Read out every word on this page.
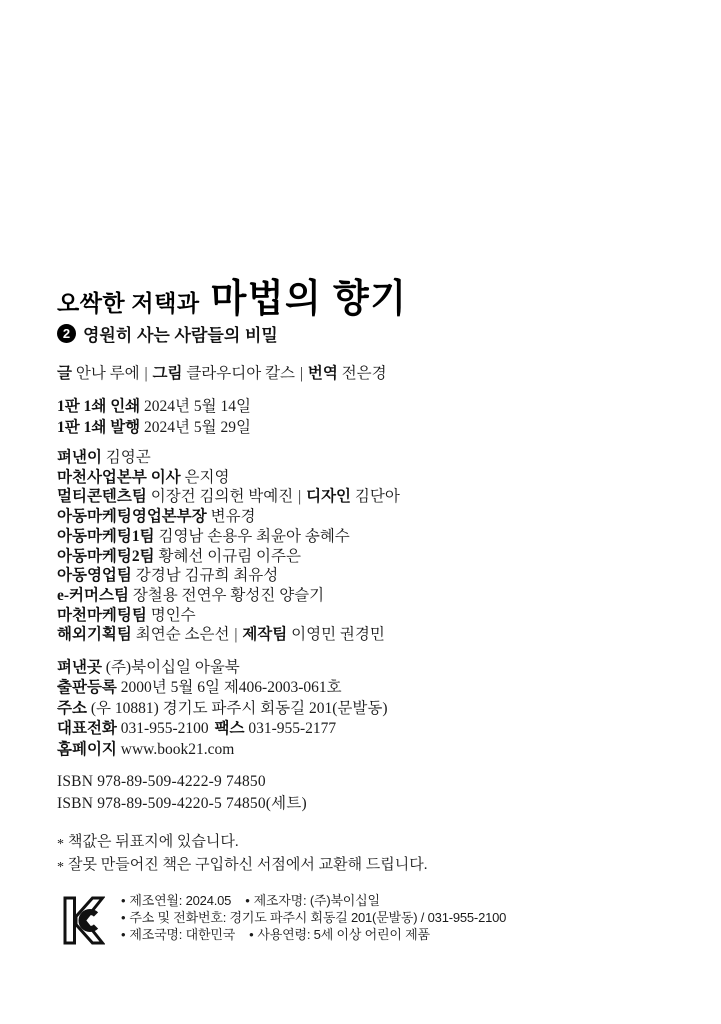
오싹한 저택과 마법의 향기
2 영원히 사는 사람들의 비밀
글 안나 루에 | 그림 클라우디아 칼스 | 번역 전은경
1판 1쇄 인쇄 2024년 5월 14일
1판 1쇄 발행 2024년 5월 29일
펴낸이 김영곤
마천사업본부 이사 은지영
멀티콘텐츠팀 이장건 김의헌 박예진 | 디자인 김단아
아동마케팅영업본부장 변유경
아동마케팅1팀 김영남 손용우 최윤아 송혜수
아동마케팅2팀 황혜선 이규림 이주은
아동영업팀 강경남 김규희 최유성
e-커머스팀 장철용 전연우 황성진 양슬기
마천마케팅팀 명인수
해외기획팀 최연순 소은선 | 제작팀 이영민 권경민
펴낸곳 (주)북이십일 아울북
출판등록 2000년 5월 6일 제406-2003-061호
주소 (우 10881) 경기도 파주시 회동길 201(문발동)
대표전화 031-955-2100 팩스 031-955-2177
홈페이지 www.book21.com
ISBN 978-89-509-4222-9 74850
ISBN 978-89-509-4220-5 74850(세트)
* 책값은 뒤표지에 있습니다.
* 잘못 만들어진 책은 구입하신 서점에서 교환해 드립니다.
• 제조연월: 2024.05 • 제조자명: (주)북이십일
• 주소 및 전화번호: 경기도 파주시 회동길 201(문발동) / 031-955-2100
• 제조국명: 대한민국 • 사용연령: 5세 이상 어린이 제품
